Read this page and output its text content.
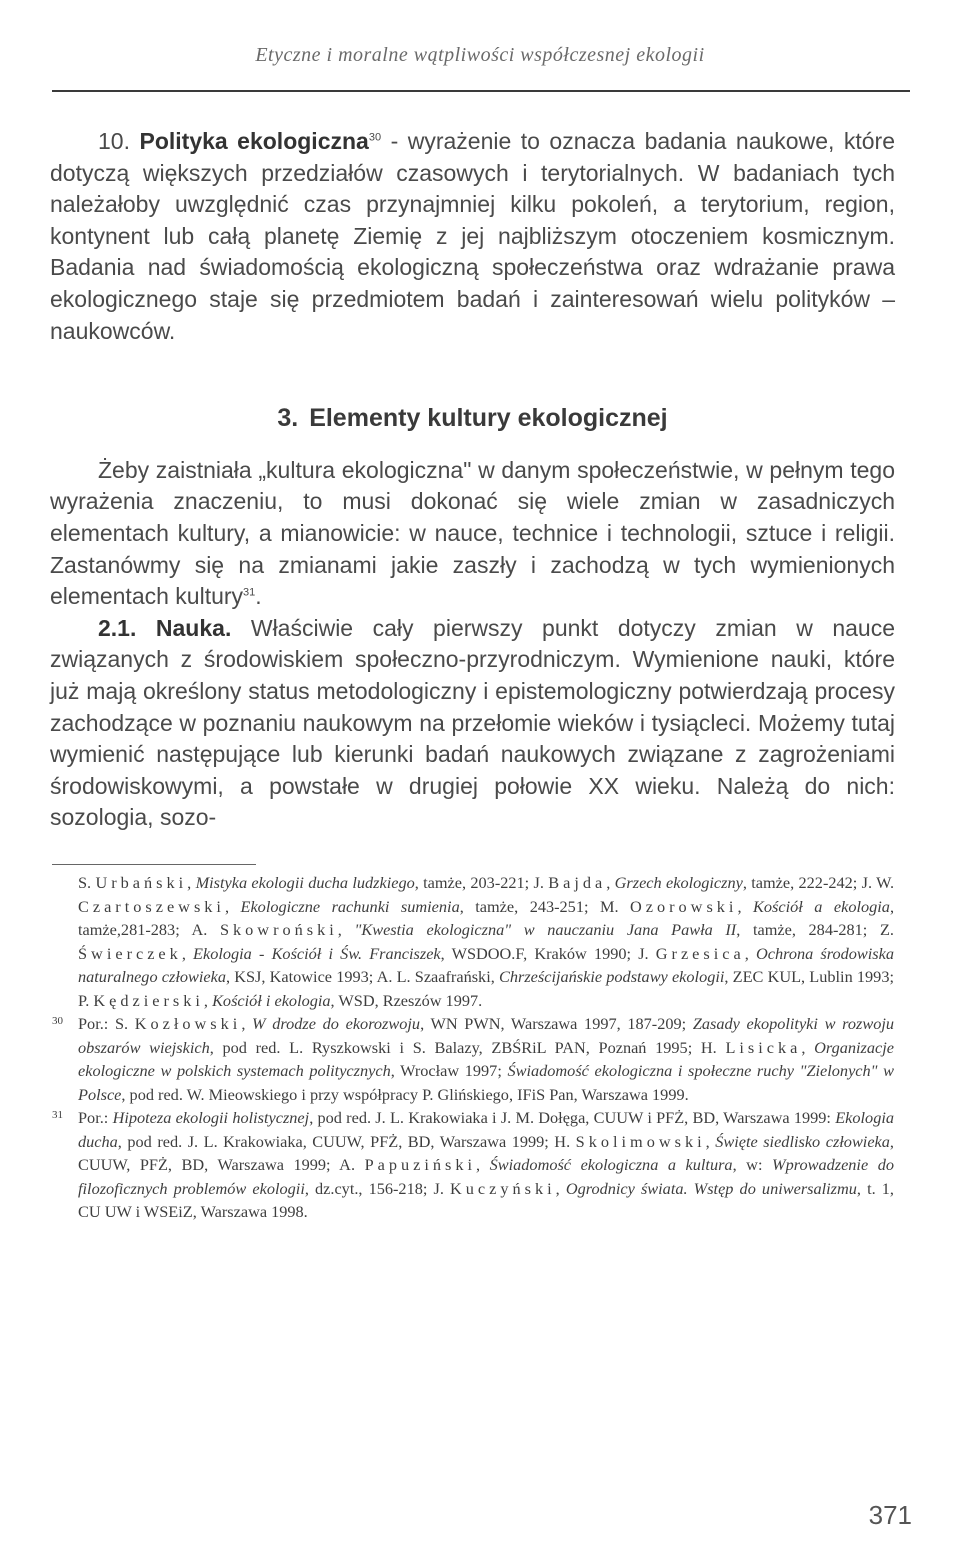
Etyczne i moralne wątpliwości współczesnej ekologii

10. Polityka ekologiczna$^{30}$ - wyrażenie to oznacza badania naukowe, które dotyczą większych przedziałów czasowych i terytorialnych. W badaniach tych należałoby uwzględnić czas przynajmniej kilku pokoleń, a terytorium, region, kontynent lub całą planetę Ziemię z jej najbliższym otoczeniem kosmicznym. Badania nad świadomością ekologiczną społeczeństwa oraz wdrażanie prawa ekologicznego staje się przedmiotem badań i zainteresowań wielu polityków – naukowców.

3. Elementy kultury ekologicznej

Żeby zaistniała „kultura ekologiczna" w danym społeczeństwie, w pełnym tego wyrażenia znaczeniu, to musi dokonać się wiele zmian w zasadniczych elementach kultury, a mianowicie: w nauce, technice i technologii, sztuce i religii. Zastanówmy się na zmianami jakie zaszły i zachodzą w tych wymienionych elementach kultury$^{31}$.

2.1. Nauka. Właściwie cały pierwszy punkt dotyczy zmian w nauce związanych z środowiskiem społeczno-przyrodniczym. Wymienione nauki, które już mają określony status metodologiczny i epistemologiczny potwierdzają procesy zachodzące w poznaniu naukowym na przełomie wieków i tysiącleci. Możemy tutaj wymienić następujące lub kierunki badań naukowych związane z zagrożeniami środowiskowymi, a powstałe w drugiej połowie XX wieku. Należą do nich: sozologia, sozo-

S. Urbański, Mistyka ekologii ducha ludzkiego, tamże, 203-221; J. Bajda, Grzech ekologiczny, tamże, 222-242; J. W. Czartoszewski, Ekologiczne rachunki sumienia, tamże, 243-251; M. Ozorowski, Kościół a ekologia, tamże,281-283; A. Skowroński, "Kwestia ekologiczna" w nauczaniu Jana Pawła II, tamże, 284-281; Z. Świerczek, Ekologia - Kościół i Św. Franciszek, WSDOO.F, Kraków 1990; J. Grzesica, Ochrona środowiska naturalnego człowieka, KSJ, Katowice 1993; A. L. Szaafrański, Chrześcijańskie podstawy ekologii, ZEC KUL, Lublin 1993; P. Kędzierski, Kościół i ekologia, WSD, Rzeszów 1997.
30 Por.: S. Kozłowski, W drodze do ekorozwoju, WN PWN, Warszawa 1997, 187-209; Zasady ekopolityki w rozwoju obszarów wiejskich, pod red. L. Ryszkowski i S. Balazy, ZBŚRiL PAN, Poznań 1995; H. Lisicka, Organizacje ekologiczne w polskich systemach politycznych, Wrocław 1997; Świadomość ekologiczna i społeczne ruchy "Zielonych" w Polsce, pod red. W. Mieowskiego i przy współpracy P. Glińskiego, IFiS Pan, Warszawa 1999.
31 Por.: Hipoteza ekologii holistycznej, pod red. J. L. Krakowiaka i J. M. Dołęga, CUUW i PFŻ, BD, Warszawa 1999: Ekologia ducha, pod red. J. L. Krakowiaka, CUUW, PFŻ, BD, Warszawa 1999; H. Skolimowski, Święte siedlisko człowieka, CUUW, PFŻ, BD, Warszawa 1999; A. Papuziński, Świadomość ekologiczna a kultura, w: Wprowadzenie do filozoficznych problemów ekologii, dz.cyt., 156-218; J. Kuczyński, Ogrodnicy świata. Wstęp do uniwersalizmu, t. 1, CU UW i WSEiZ, Warszawa 1998.
371
